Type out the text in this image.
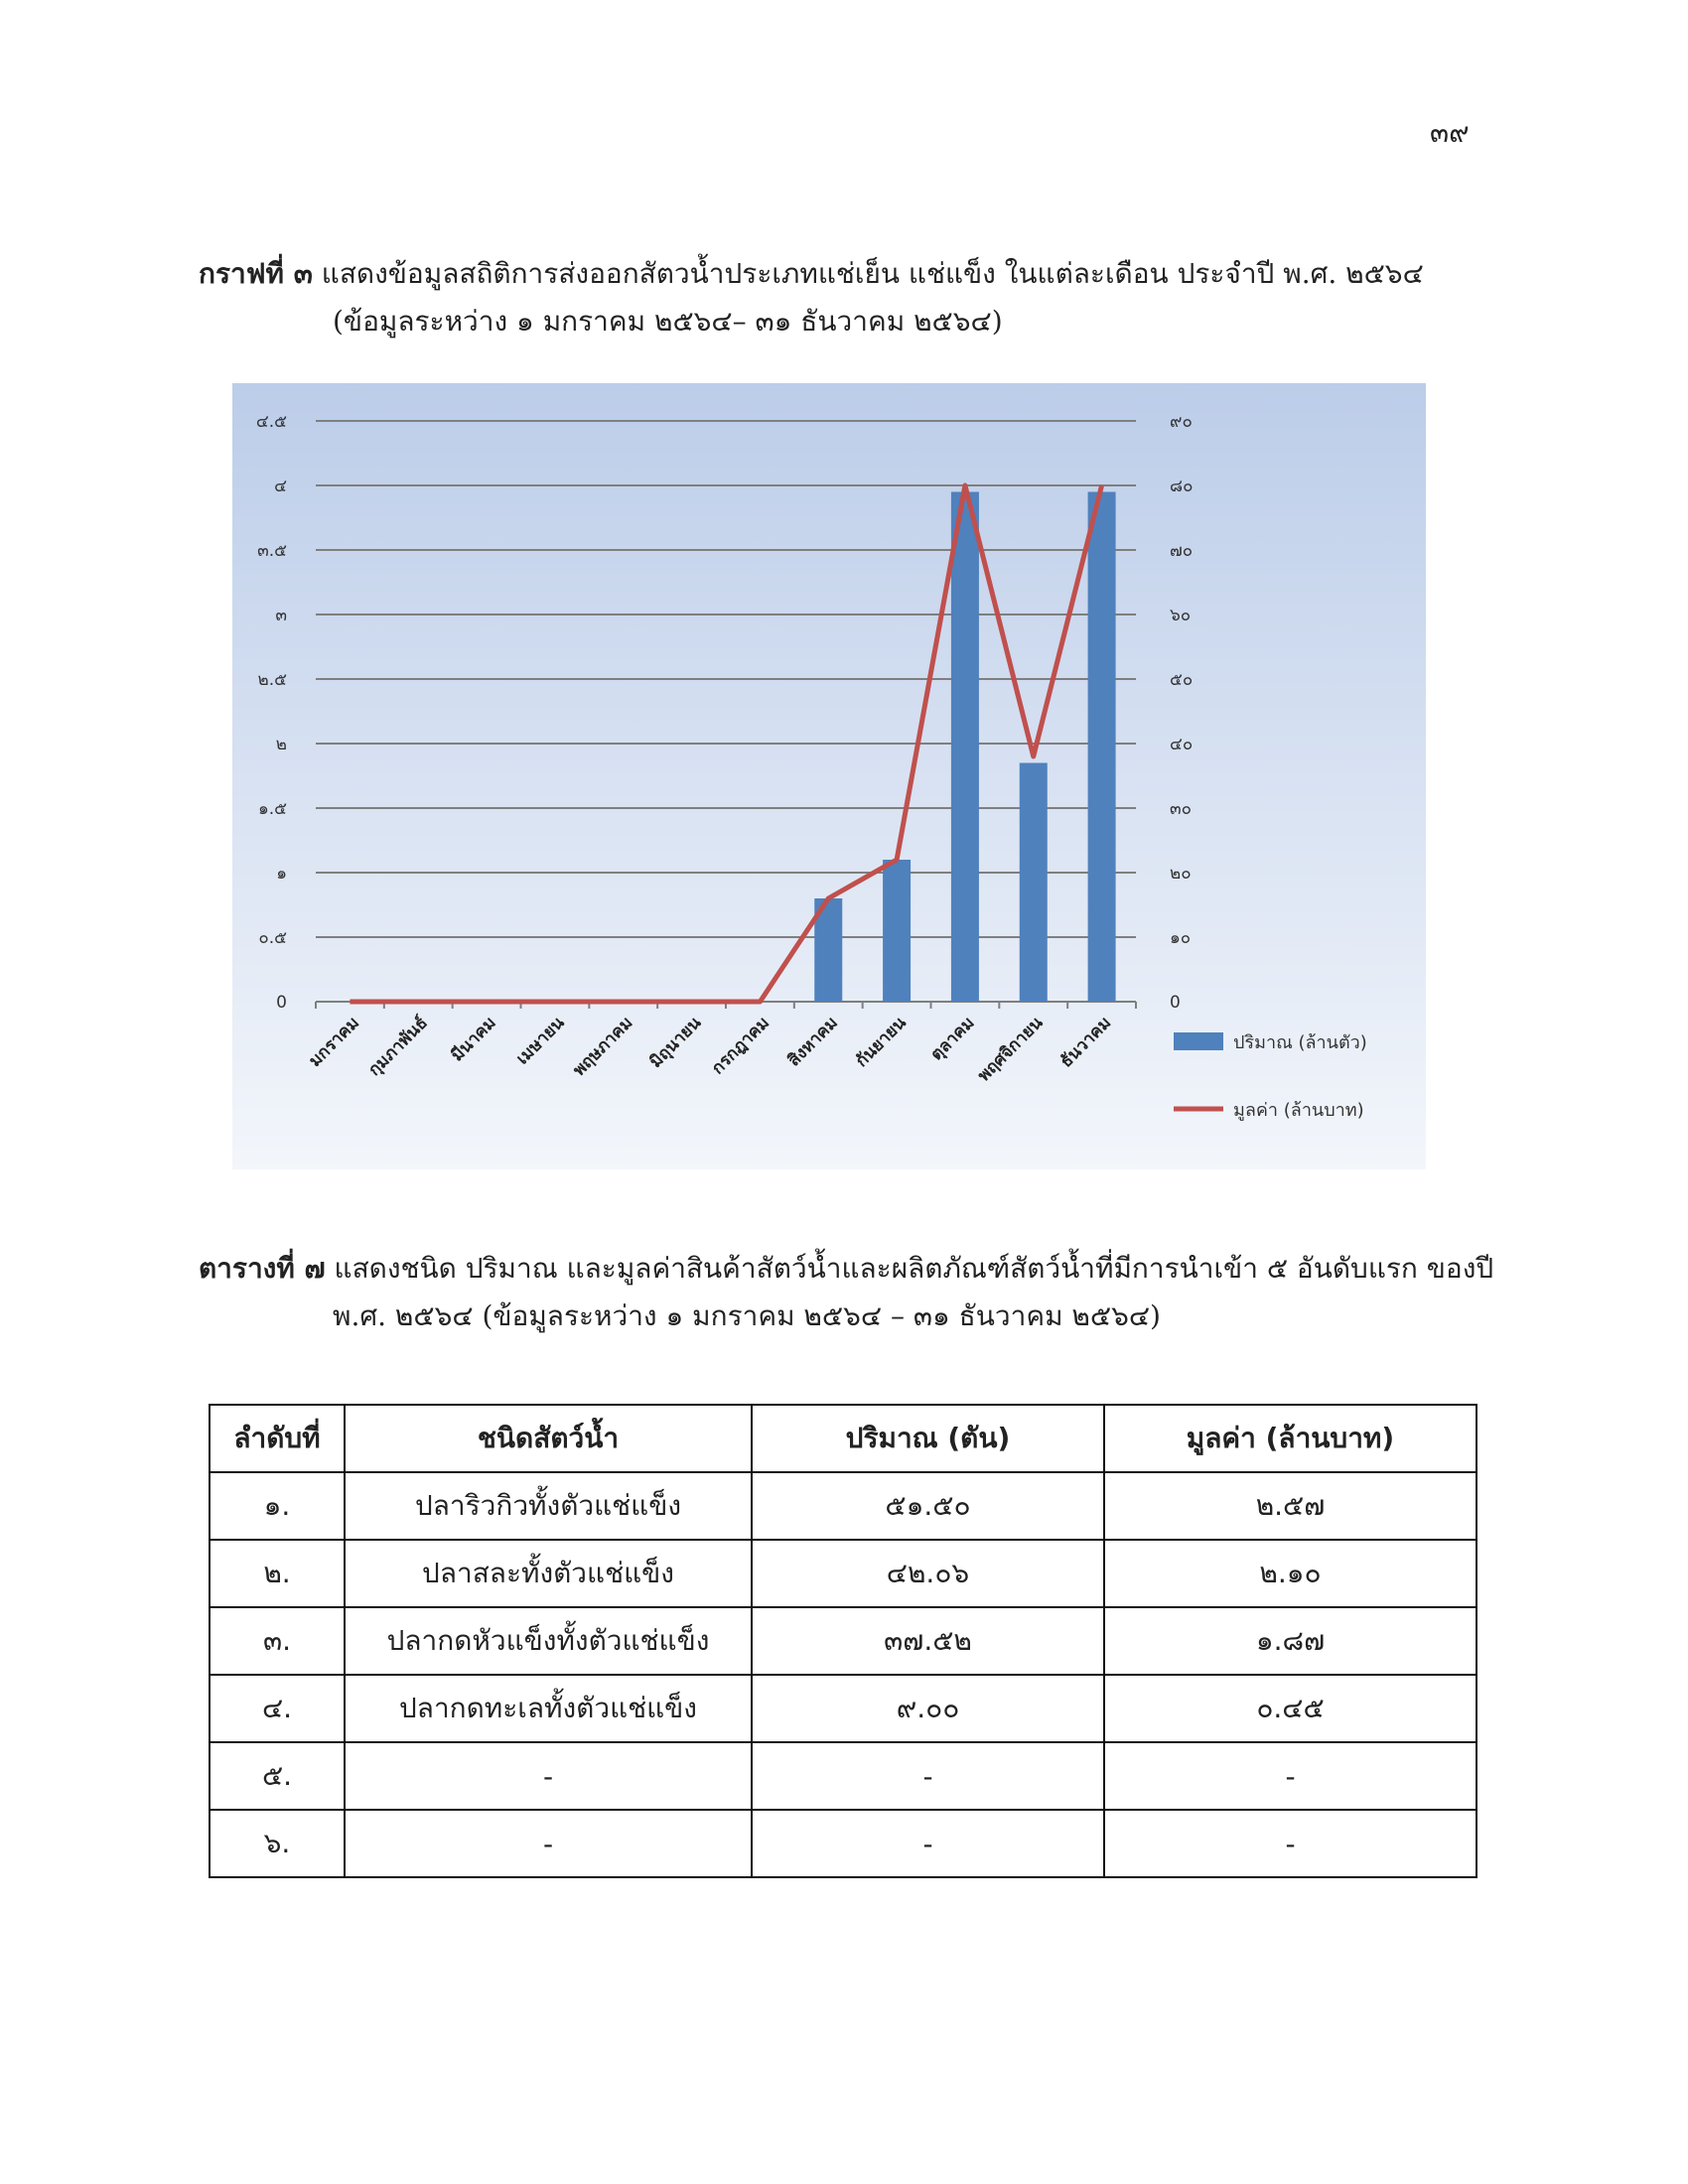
๓๙
กราฟที่ ๓ แสดงข้อมูลสถิติการส่งออกสัตวน้ำประเภทแช่เย็น แช่แข็ง ในแต่ละเดือน ประจำปี พ.ศ. ๒๕๖๔
(ข้อมูลระหว่าง ๑ มกราคม ๒๕๖๔– ๓๑ ธันวาคม ๒๕๖๔)
0
๐.๕
๑
๑.๕
๒
๒.๕
๓
๓.๕
๔
๔.๕
0
๑๐
๒๐
๓๐
๔๐
๕๐
๖๐
๗๐
๘๐
๙๐
มกราคม กุมภาพันธ์ มีนาคม เมษายน พฤษภาคม มิถุนายน กรกฎาคม สิงหาคม กันยายน ตุลาคม
พฤศจิกายน ธันวาคม	ปริมาณ (ล้านตัว)
มูลค่า (ล้านบาท)
ตารางที่ ๗ แสดงชนิด ปริมาณ และมูลค่าสินค้าสัตว์น้ำและผลิตภัณฑ์สัตว์น้ำที่มีการนำเข้า ๕ อันดับแรก ของปี
พ.ศ. ๒๕๖๔ (ข้อมูลระหว่าง ๑ มกราคม ๒๕๖๔ – ๓๑ ธันวาคม ๒๕๖๔)
ลำดับที่	ชนิดสัตว์น้ำ	ปริมาณ (ตัน)	มูลค่า (ล้านบาท)
๑.	ปลาริวกิวทั้งตัวแช่แข็ง	๕๑.๕๐	๒.๕๗
๒.	ปลาสละทั้งตัวแช่แข็ง	๔๒.๐๖	๒.๑๐
๓.	ปลากดหัวแข็งทั้งตัวแช่แข็ง	๓๗.๕๒	๑.๘๗
๔.	ปลากดทะเลทั้งตัวแช่แข็ง	๙.๐๐	๐.๔๕
๕.	-	-	-
๖.	-	-	-
